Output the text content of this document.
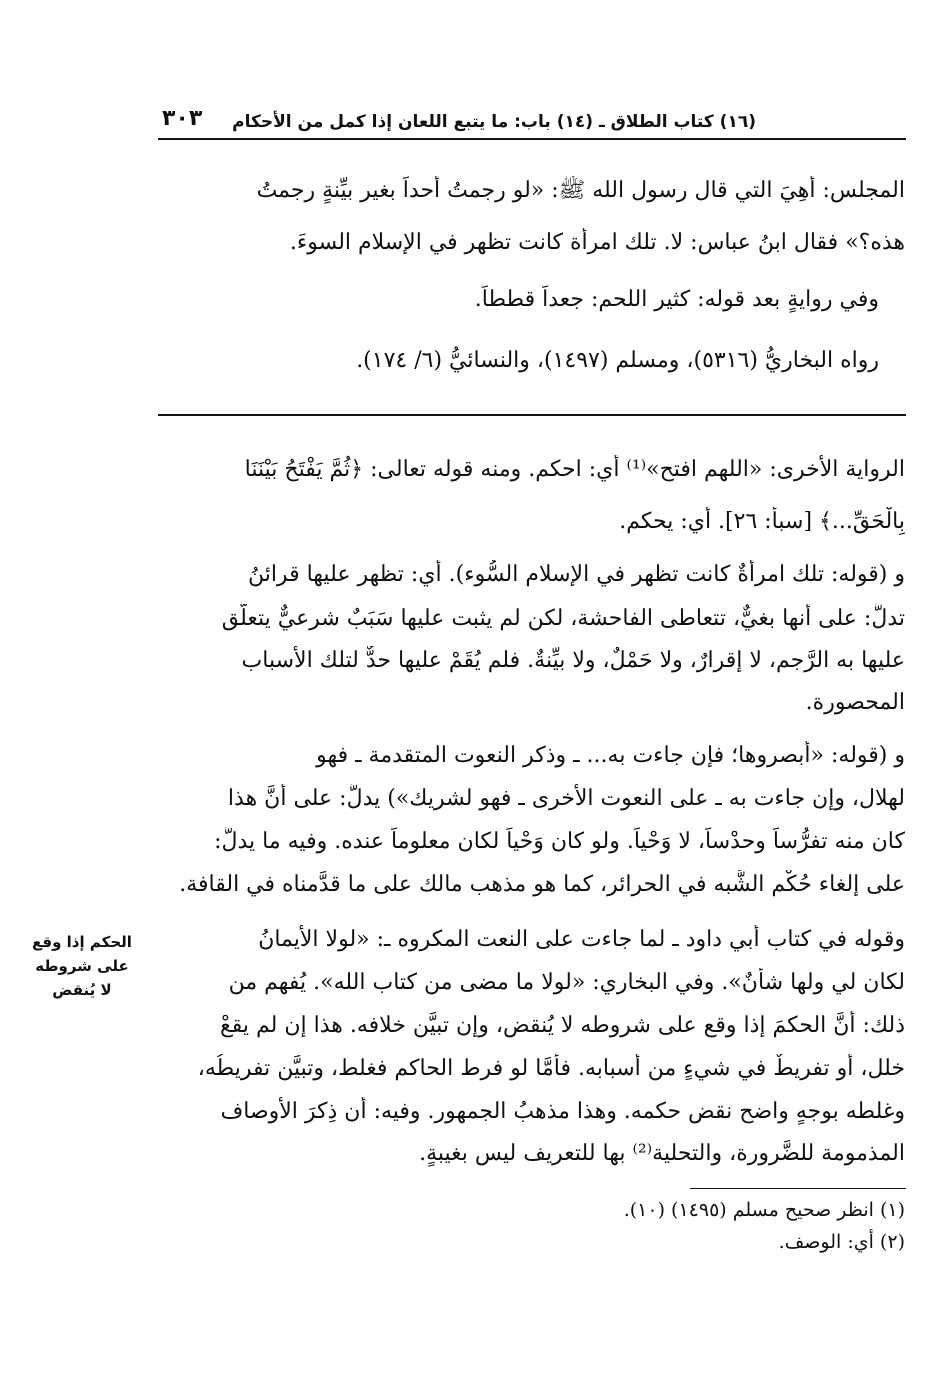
(١٦) كتاب الطلاق ـ (١٤) باب: ما يتبع اللعان إذا كمل من الأحكام
٣٠٣
المجلس: أَهِيَ التي قال رسول الله ﷺ: «لو رجمتُ أحداً بغير بيِّنةٍ رجمتُ
هذه؟» فقال ابنُ عباس: لا. تلك امرأة كانت تظهر في الإسلام السوءَ.
وفي روايةٍ بعد قوله: كثير اللحم: جعداً قططاً.
رواه البخاريُّ (٥٣١٦)، ومسلم (١٤٩٧)، والنسائيُّ (٦/ ١٧٤).
الرواية الأخرى: «اللهم افتح»⁽¹⁾ أي: احكم. ومنه قوله تعالى: ﴿ثُمَّ يَفْتَحُ بَيْنَنَا
بِالْحَقِّ...﴾ [سبأ: ٢٦]. أي: يحكم.
و (قوله: تلك امرأةٌ كانت تظهر في الإسلام السُّوء). أي: تظهر عليها قرائنُ
تدلُّ: على أنها بغيٌّ، تتعاطى الفاحشة، لكن لم يثبت عليها سَبَبٌ شرعيٌّ يتعلَّق
عليها به الرَّجم، لا إقرارٌ، ولا حَمْلٌ، ولا بيِّنةٌ. فلم يُقَمْ عليها حدٌّ لتلك الأسباب
المحصورة.
و (قوله: «أبصروها؛ فإن جاءت به... ـ وذكر النعوت المتقدمة ـ فهو
لهلال، وإن جاءت به ـ على النعوت الأخرى ـ فهو لشريك») يدلُّ: على أنَّ هذا
كان منه تفرُّساً وحدْساً، لا وَحْياً. ولو كان وَحْياً لكان معلوماً عنده. وفيه ما يدلُّ:
على إلغاء حُكْم الشَّبه في الحرائر، كما هو مذهب مالك على ما قدَّمناه في القافة.
وقوله في كتاب أبي داود ـ لما جاءت على النعت المكروه ـ: «لولا الأيمانُ
لكان لي ولها شأنٌ». وفي البخاري: «لولا ما مضى من كتاب الله». يُفهم من
ذلك: أنَّ الحكمَ إذا وقع على شروطه لا يُنقض، وإن تبيَّن خلافه. هذا إن لم يقعْ
خلل، أو تفريطٌ في شيءٍ من أسبابه. فأمَّا لو فرط الحاكم فغلط، وتبيَّن تفريطُه،
وغلطه بوجهٍ واضح نقض حكمه. وهذا مذهبُ الجمهور. وفيه: أن ذِكرَ الأوصاف
المذمومة للضَّرورة، والتحلية⁽²⁾ بها للتعريف ليس بغيبةٍ.
الحكم إذا وقع
على شروطه
لا يُنقض
(١) انظر صحيح مسلم (١٤٩٥) (١٠).
(٢) أي: الوصف.
